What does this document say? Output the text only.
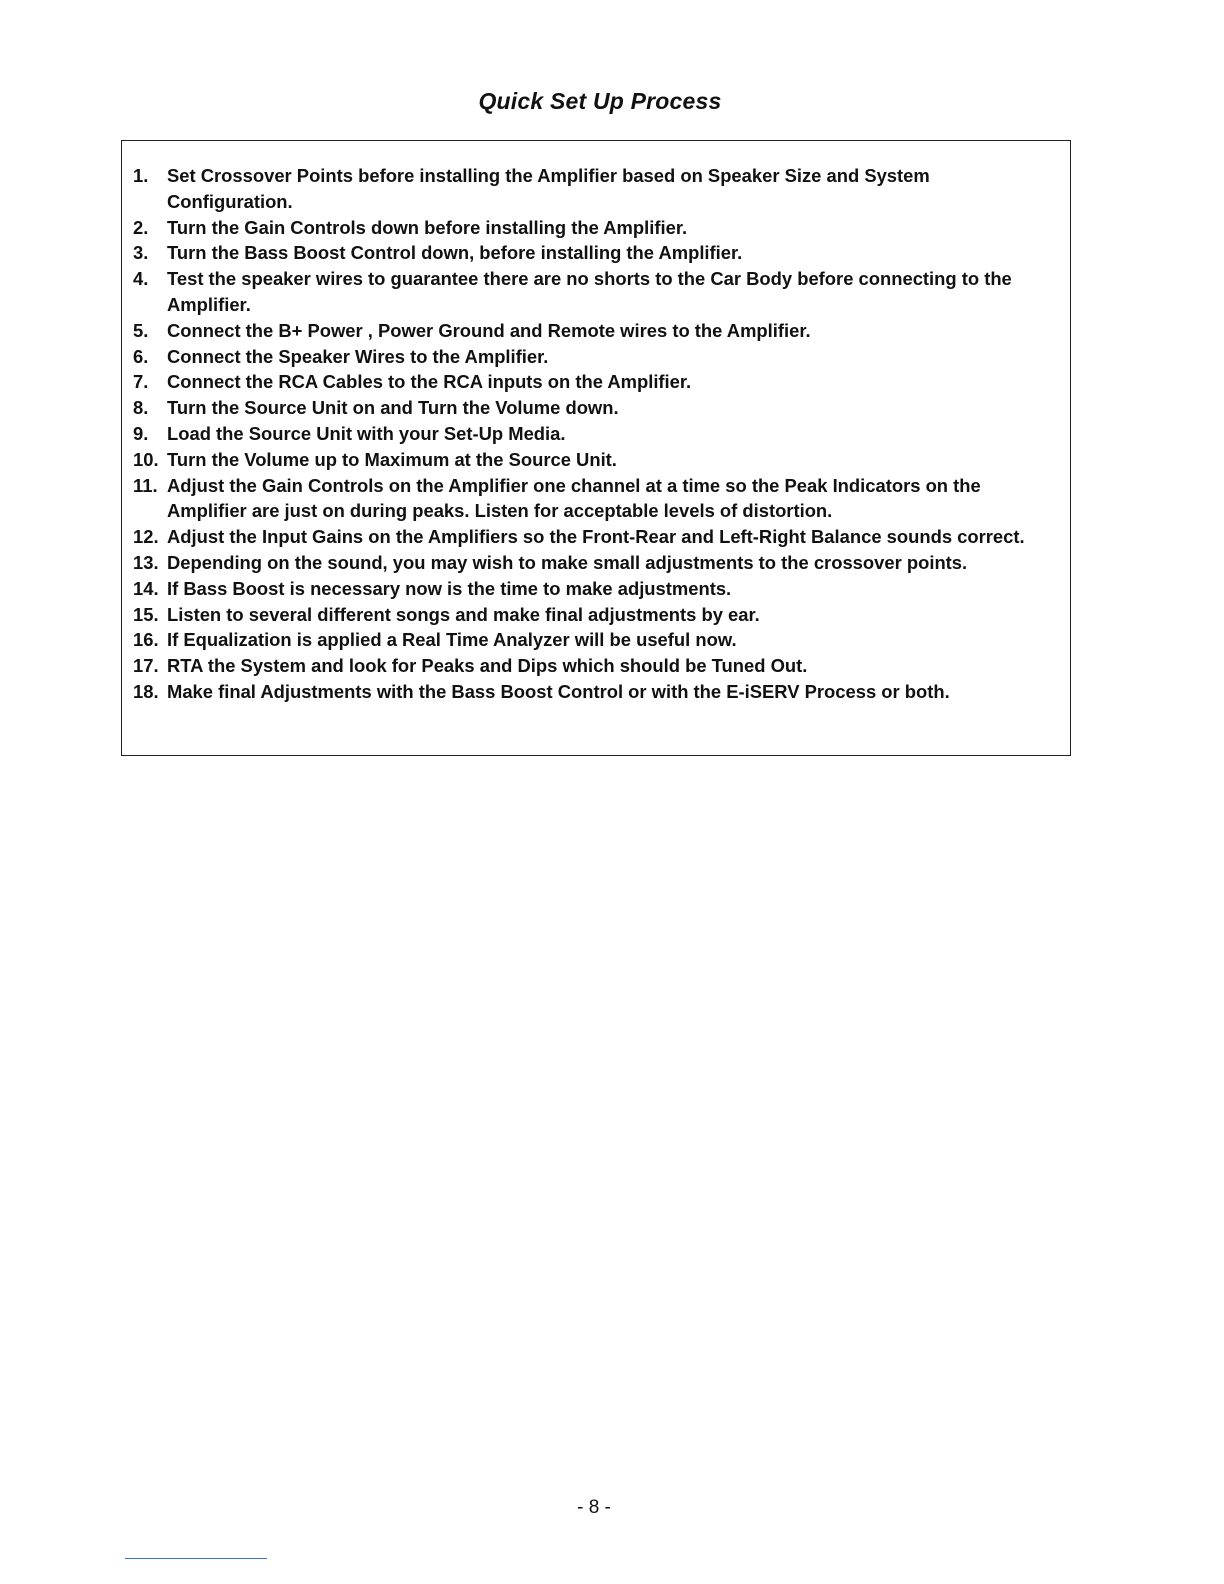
Quick Set Up Process
1.	Set Crossover Points before installing the Amplifier based on Speaker Size and System Configuration.
2.	Turn the Gain Controls down before installing the Amplifier.
3.	Turn the Bass Boost Control down, before installing the Amplifier.
4.	Test the speaker wires to guarantee there are no shorts to the Car Body before connecting to the Amplifier.
5.	Connect the B+ Power , Power Ground and Remote wires to the Amplifier.
6.	Connect the Speaker Wires to the Amplifier.
7.	Connect the RCA Cables to the RCA inputs on the Amplifier.
8.	Turn the Source Unit on and Turn the Volume down.
9.	Load the Source Unit with your Set-Up Media.
10. Turn the Volume up to Maximum at the Source Unit.
11. Adjust the Gain Controls on the Amplifier one channel at a time so the Peak Indicators on the Amplifier are just on during peaks. Listen for acceptable levels of distortion.
12. Adjust the Input Gains on the Amplifiers so the Front-Rear and Left-Right Balance sounds correct.
13. Depending on the sound, you may wish to make small adjustments to the crossover points.
14. If Bass Boost is necessary now is the time to make adjustments.
15. Listen to several different songs and make final adjustments by ear.
16. If Equalization is applied a Real Time Analyzer will be useful now.
17. RTA the System and look for Peaks and Dips which should be Tuned Out.
18. Make final Adjustments with the Bass Boost Control or with the E-iSERV Process or both.
- 8 -
